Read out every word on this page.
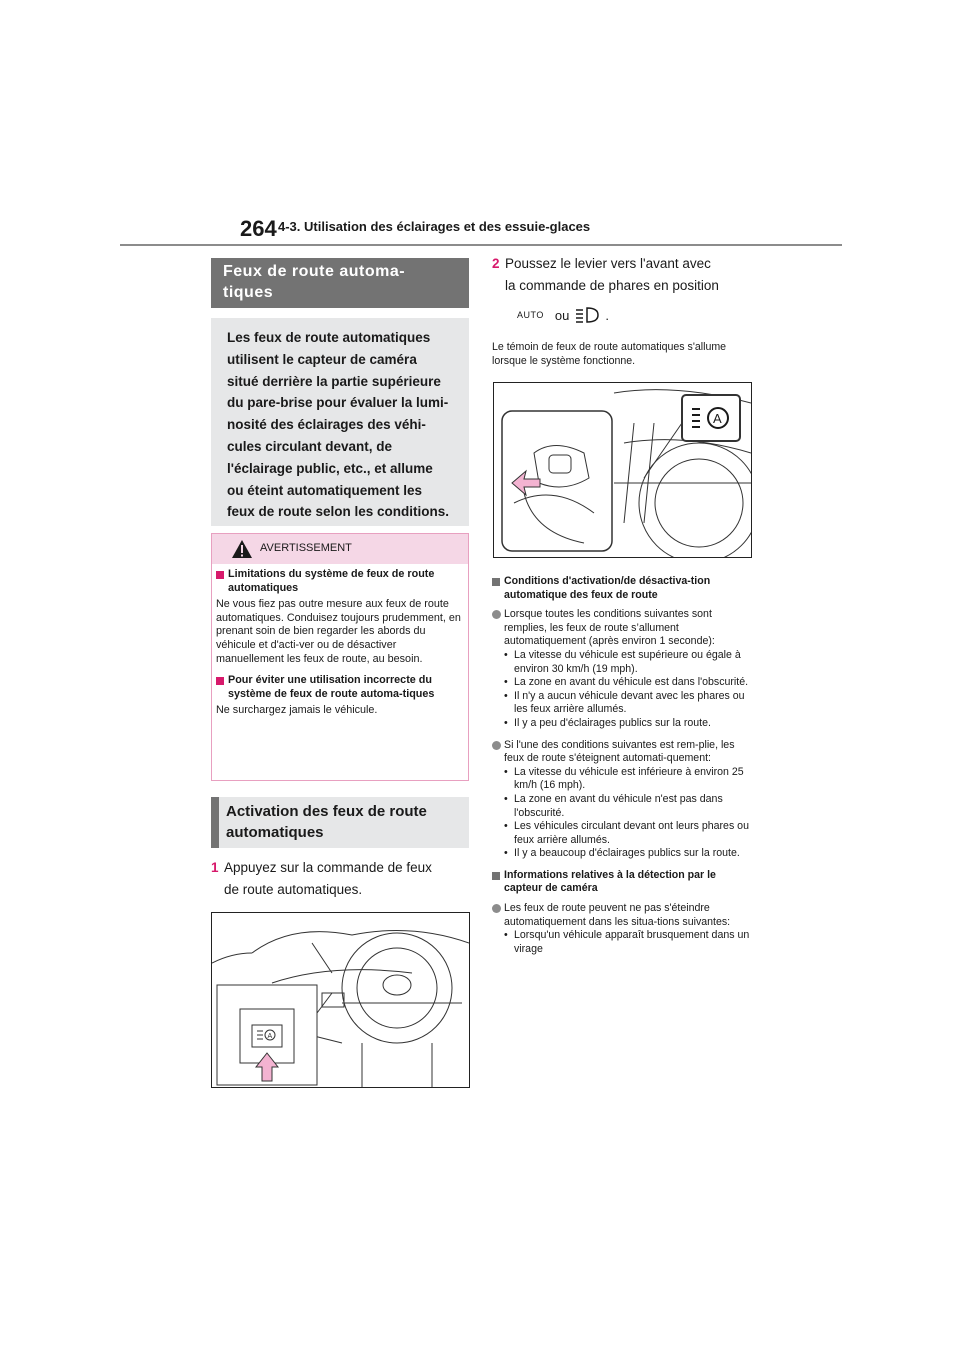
264 4-3. Utilisation des éclairages et des essuie-glaces
Feux de route automa-
tiques
Les feux de route automatiques
utilisent le capteur de caméra
situé derrière la partie supérieure
du pare-brise pour évaluer la lumi-
nosité des éclairages des véhi-
cules circulant devant, de
l'éclairage public, etc., et allume
ou éteint automatiquement les
feux de route selon les conditions.
AVERTISSEMENT
Limitations du système de feux de route automatiques
Ne vous fiez pas outre mesure aux feux de route automatiques. Conduisez toujours prudemment, en prenant soin de bien regarder les abords du véhicule et d'acti-ver ou de désactiver manuellement les feux de route, au besoin.
Pour éviter une utilisation incorrecte du système de feux de route automa-tiques
Ne surchargez jamais le véhicule.
Activation des feux de route
automatiques
1 Appuyez sur la commande de feux
de route automatiques.
A
2 Poussez le levier vers l'avant avec
la commande de phares en position
AUTO ou	.
Le témoin de feux de route automatiques s'allume lorsque le système fonctionne.
A
Conditions d'activation/de désactiva-tion automatique des feux de route
Lorsque toutes les conditions suivantes sont remplies, les feux de route s’allument automatiquement (après environ 1 seconde):
• La vitesse du véhicule est supérieure ou égale à environ 30 km/h (19 mph).
• La zone en avant du véhicule est dans l'obscurité.
• Il n'y a aucun véhicule devant avec les phares ou les feux arrière allumés.
• Il y a peu d'éclairages publics sur la route.
Si l'une des conditions suivantes est rem-plie, les feux de route s'éteignent automati-quement:
• La vitesse du véhicule est inférieure à environ 25 km/h (16 mph).
• La zone en avant du véhicule n'est pas dans l'obscurité.
• Les véhicules circulant devant ont leurs phares ou feux arrière allumés.
• Il y a beaucoup d'éclairages publics sur la route.
Informations relatives à la détection par le capteur de caméra
Les feux de route peuvent ne pas s'éteindre automatiquement dans les situa-tions suivantes:
• Lorsqu'un véhicule apparaît brusquement dans un virage
